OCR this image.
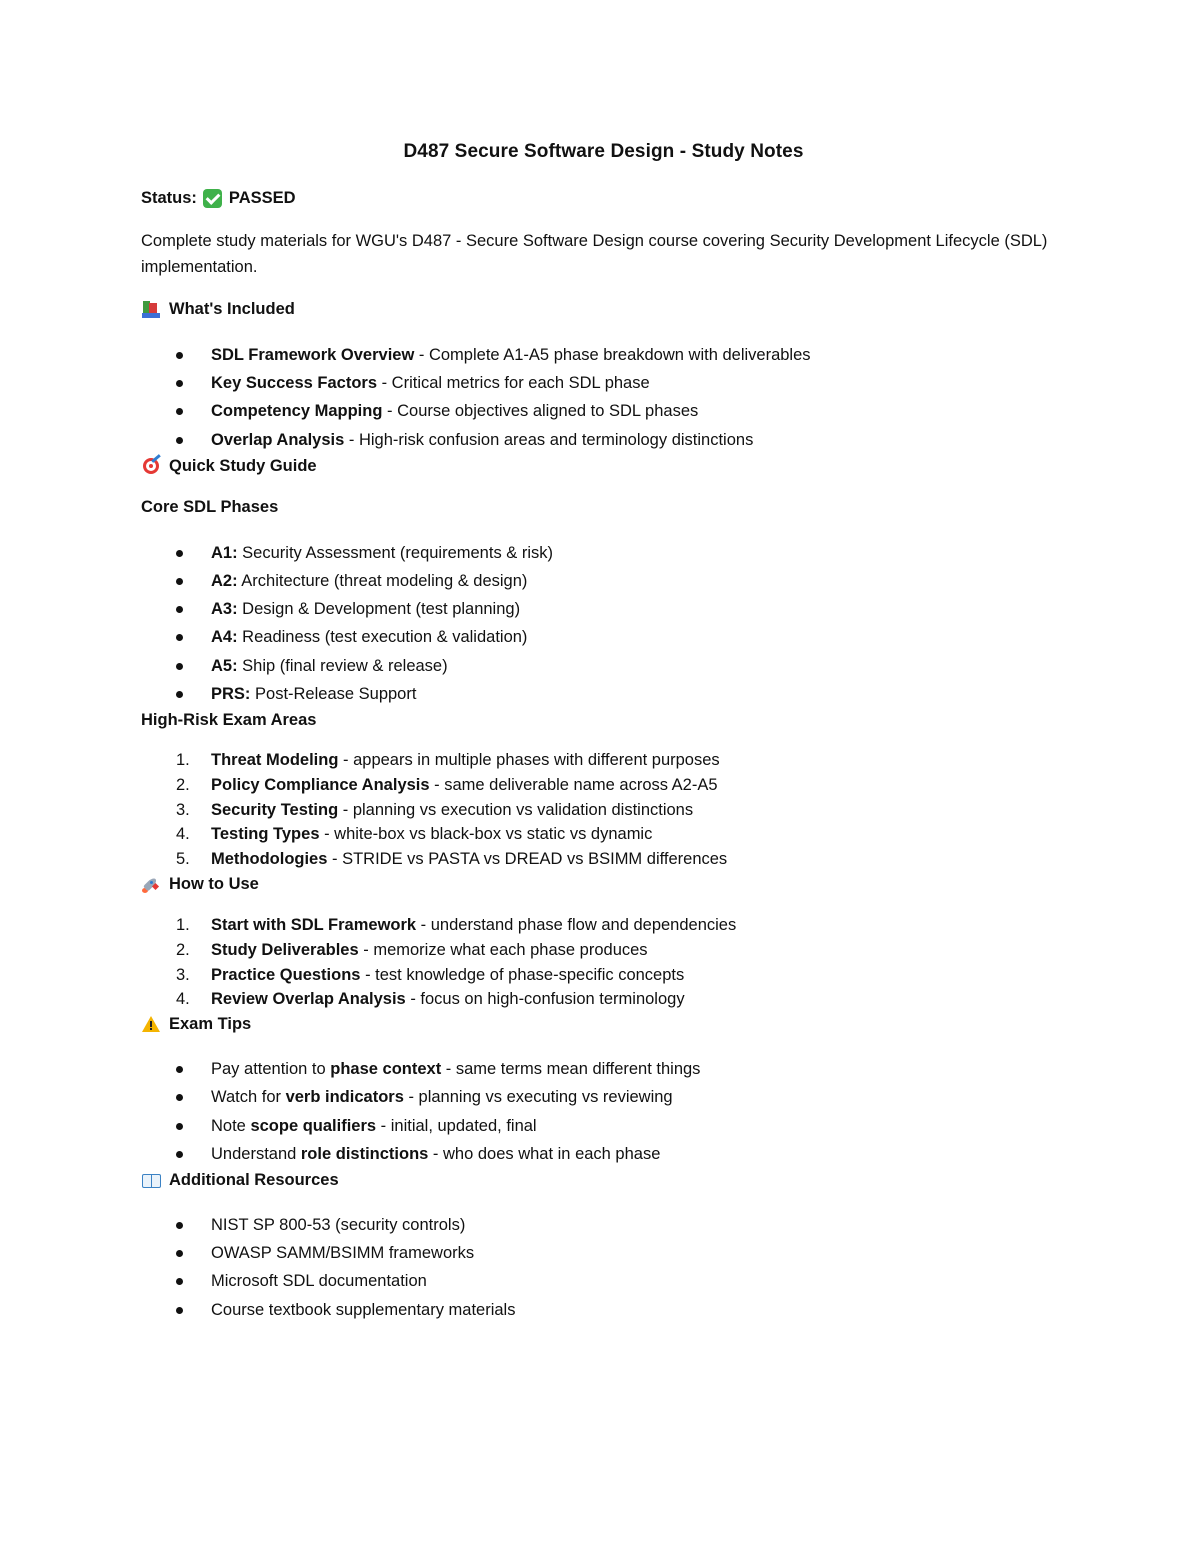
D487 Secure Software Design - Study Notes
Status: PASSED

Complete study materials for WGU's D487 - Secure Software Design course covering Security Development Lifecycle (SDL) implementation.

What's Included
SDL Framework Overview - Complete A1-A5 phase breakdown with deliverables
Key Success Factors - Critical metrics for each SDL phase
Competency Mapping - Course objectives aligned to SDL phases
Overlap Analysis - High-risk confusion areas and terminology distinctions
Quick Study Guide
Core SDL Phases
A1: Security Assessment (requirements & risk)
A2: Architecture (threat modeling & design)
A3: Design & Development (test planning)
A4: Readiness (test execution & validation)
A5: Ship (final review & release)
PRS: Post-Release Support
High-Risk Exam Areas
1. Threat Modeling - appears in multiple phases with different purposes
2. Policy Compliance Analysis - same deliverable name across A2-A5
3. Security Testing - planning vs execution vs validation distinctions
4. Testing Types - white-box vs black-box vs static vs dynamic
5. Methodologies - STRIDE vs PASTA vs DREAD vs BSIMM differences
How to Use
1. Start with SDL Framework - understand phase flow and dependencies
2. Study Deliverables - memorize what each phase produces
3. Practice Questions - test knowledge of phase-specific concepts
4. Review Overlap Analysis - focus on high-confusion terminology
Exam Tips
Pay attention to phase context - same terms mean different things
Watch for verb indicators - planning vs executing vs reviewing
Note scope qualifiers - initial, updated, final
Understand role distinctions - who does what in each phase
Additional Resources
NIST SP 800-53 (security controls)
OWASP SAMM/BSIMM frameworks
Microsoft SDL documentation
Course textbook supplementary materials
